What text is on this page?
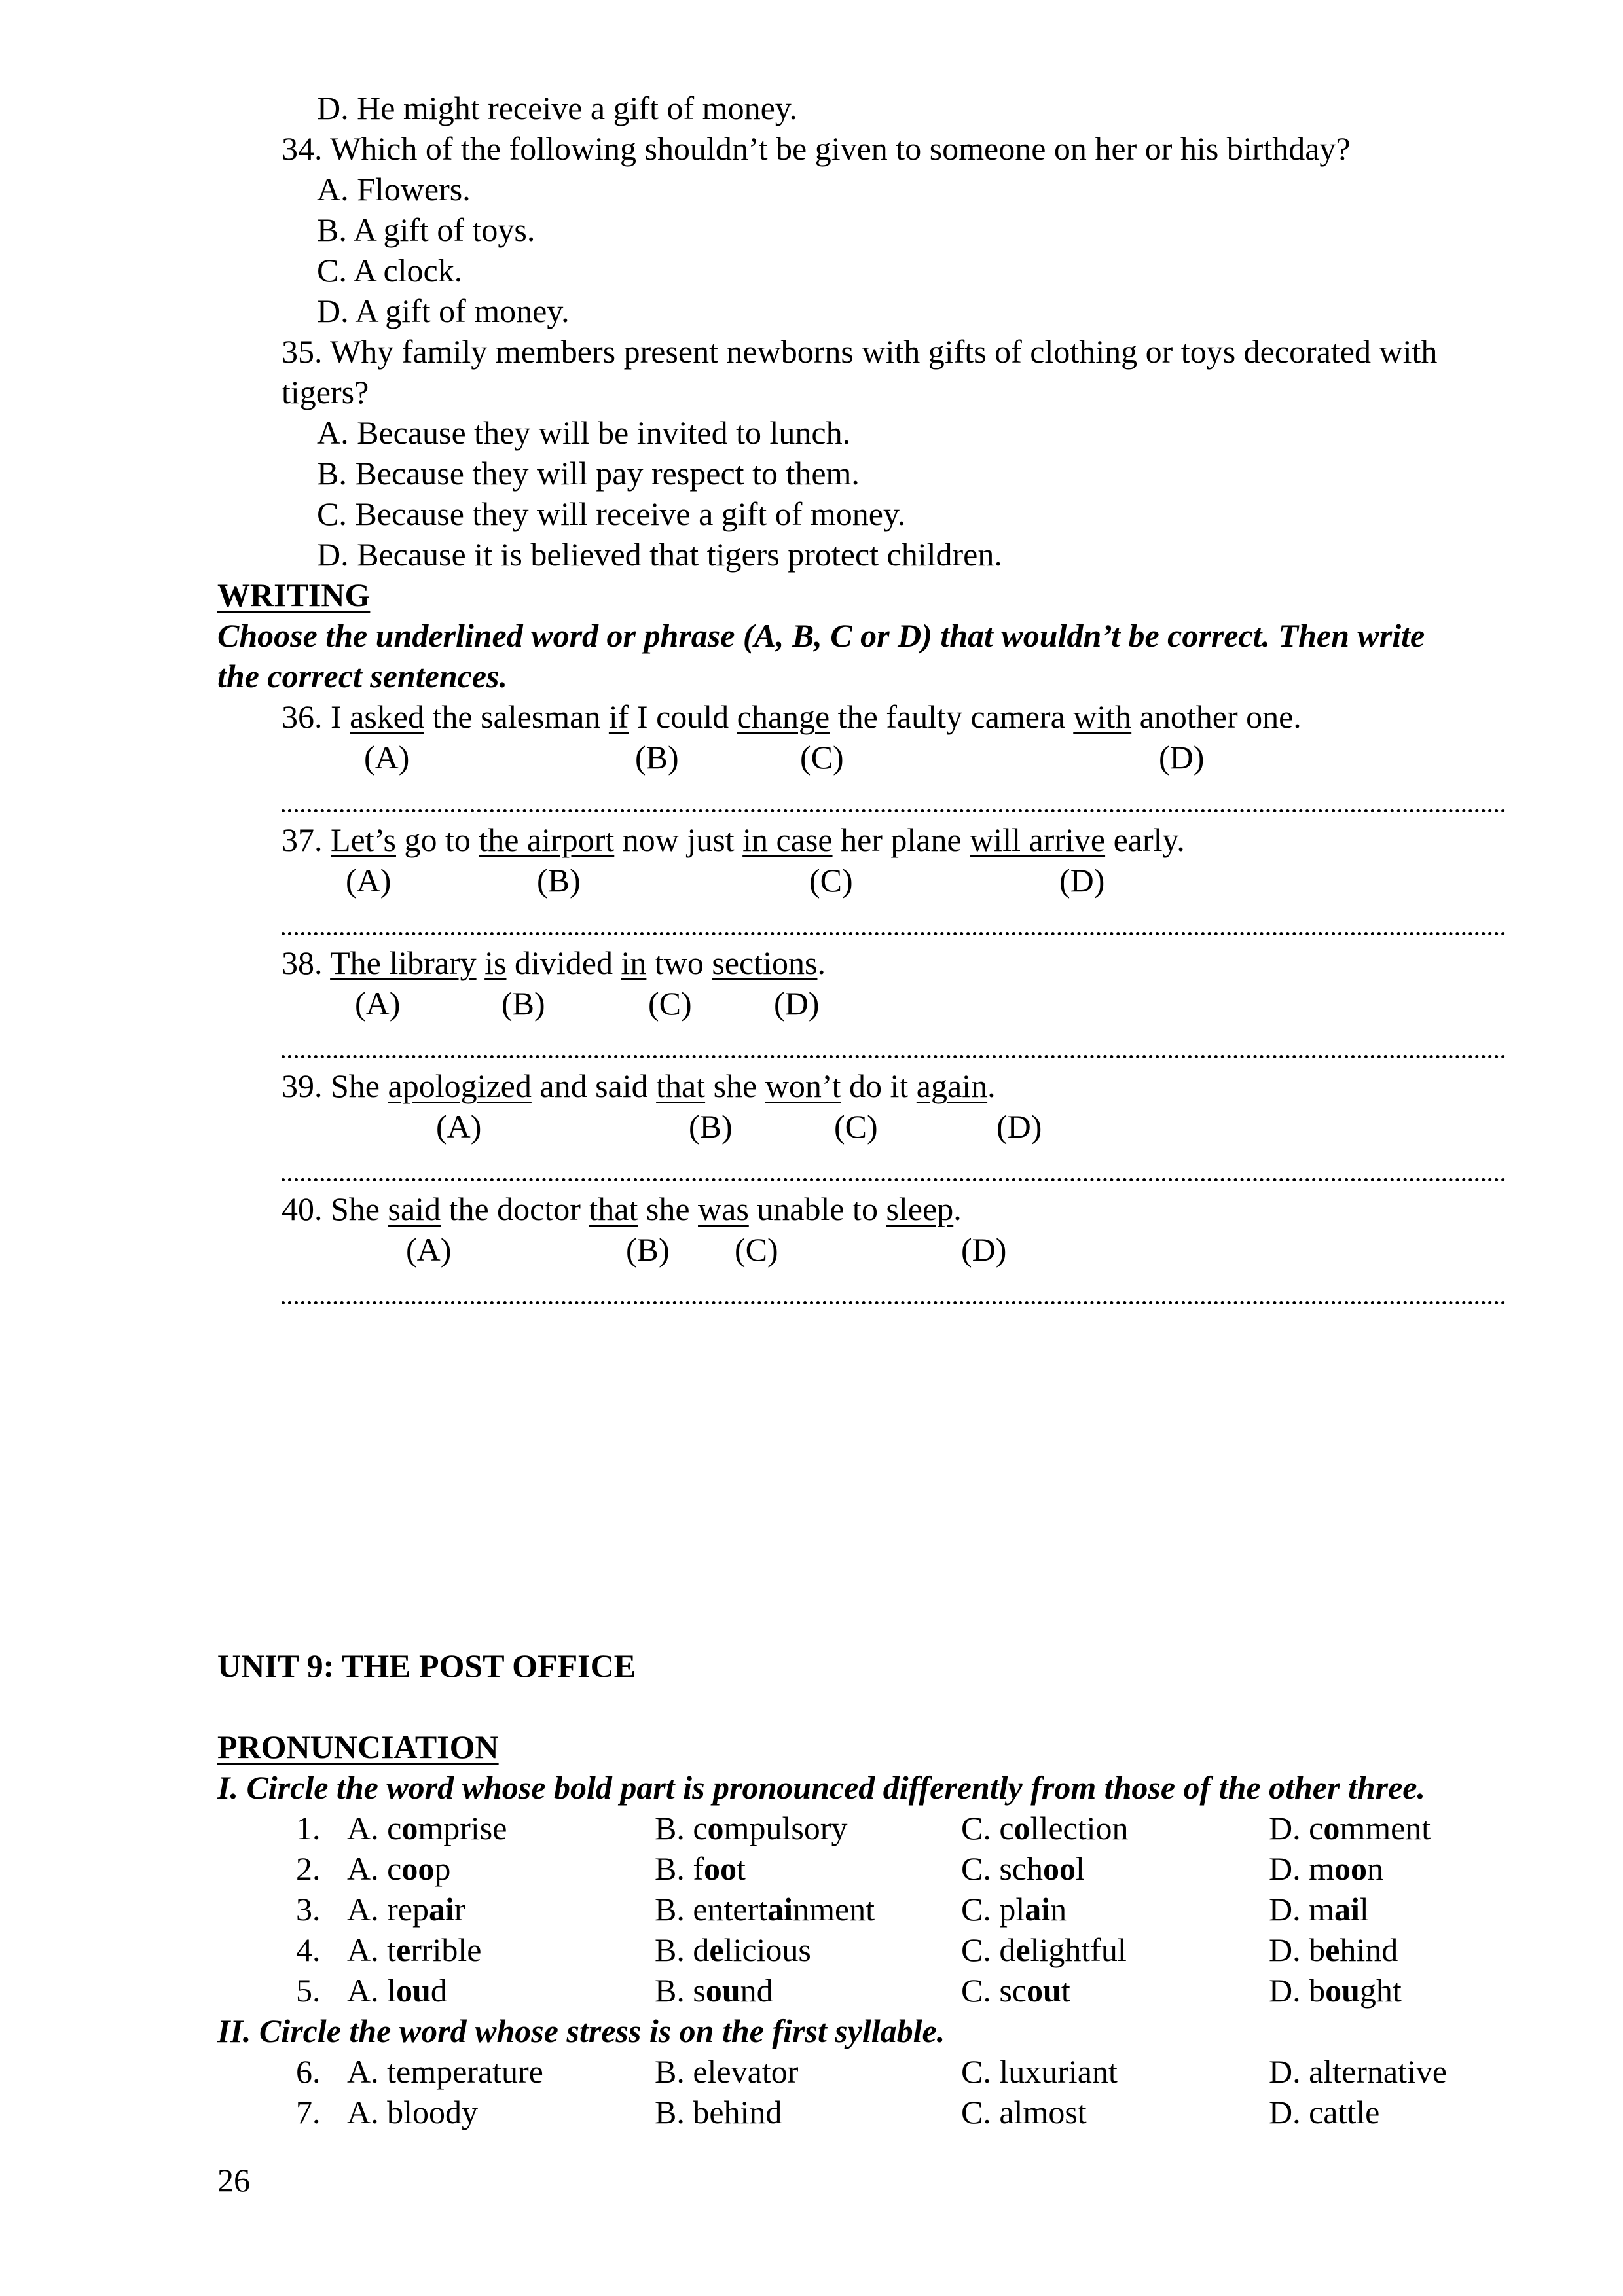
D. He might receive a gift of money.
34. Which of the following shouldn’t be given to someone on her or his birthday?
A. Flowers.
B. A gift of toys.
C. A clock.
D. A gift of money.
35. Why family members present newborns with gifts of clothing or toys decorated with
tigers?
A. Because they will be invited to lunch.
B. Because they will pay respect to them.
C. Because they will receive a gift of money.
D. Because it is believed that tigers protect children.
WRITING
Choose the underlined word or phrase (A, B, C or D) that wouldn’t be correct. Then write
the correct sentences.
36. I asked the salesman if I could change the faulty camera with another one.
(A)	(B)	(C)	(D)
37. Let’s go to the airport now just in case her plane will arrive early.
(A)	(B)	(C)	(D)
38. The library is divided in two sections.
(A)	(B)	(C)	(D)
39. She apologized and said that she won’t do it again.
(A)	(B)	(C)	(D)
40. She said the doctor that she was unable to sleep.
(A)	(B) (C)	(D)
UNIT 9: THE POST OFFICE
PRONUNCIATION
I. Circle the word whose bold part is pronounced differently from those of the other three.
1. A. comprise	B. compulsory	C. collection	D. comment
2. A. coop	B. foot	C. school	D. moon
3. A. repair	B. entertainment	C. plain	D. mail
4. A. terrible	B. delicious	C. delightful	D. behind
5. A. loud	B. sound	C. scout	D. bought
II. Circle the word whose stress is on the first syllable.
6. A. temperature	B. elevator	C. luxuriant	D. alternative
7. A. bloody	B. behind	C. almost	D. cattle
26
